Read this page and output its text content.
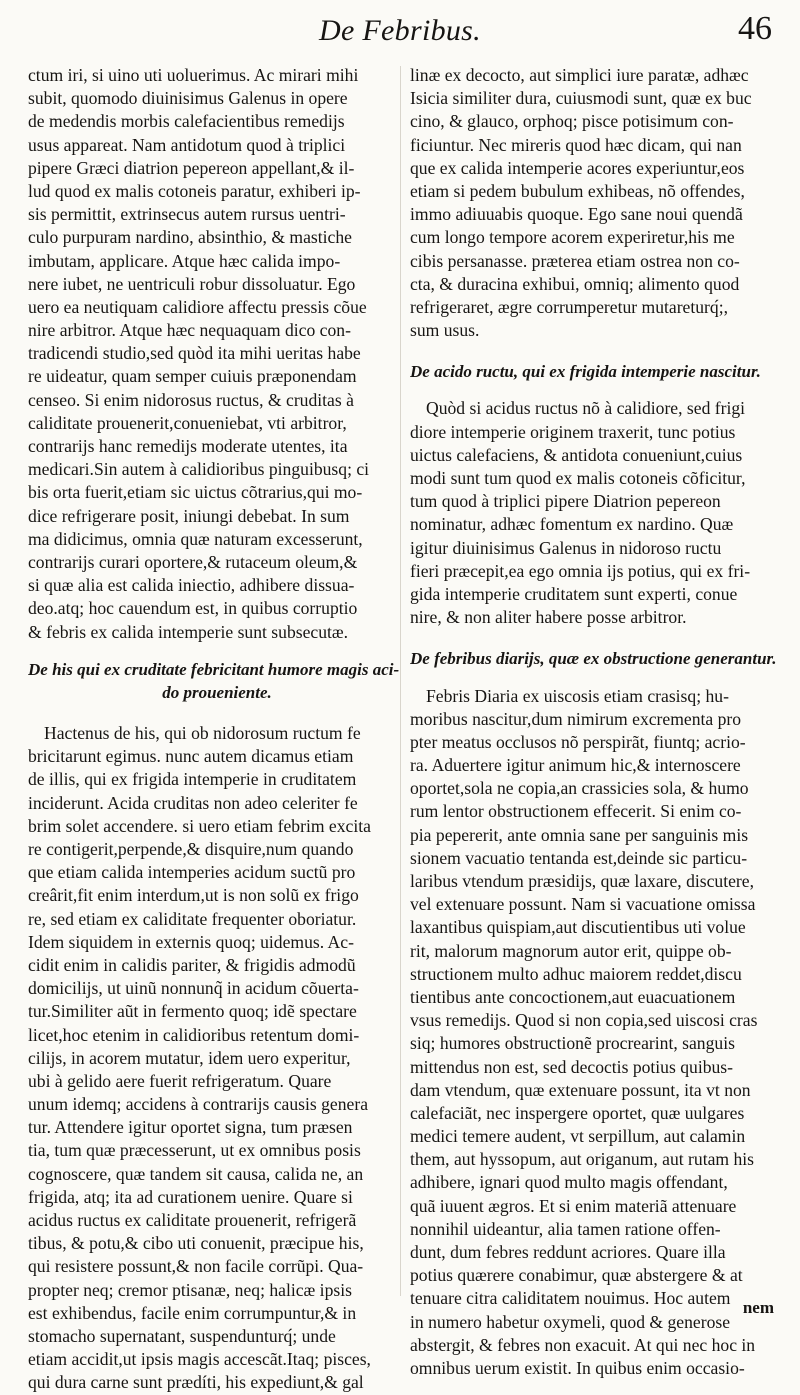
De Febribus.	46
ctum iri, si uino uti uoluerimus. Ac mirari mihi
subit, quomodo diuinisimus Galenus in opere
de medendis morbis calefacientibus remedijs
usus appareat. Nam antidotum quod à triplici
pipere Græci diatrion pepereon appellant,& il-
lud quod ex malis cotoneis paratur, exhiberi ip-
sis permittit, extrinsecus autem rursus uentri-
culo purpuram nardino, absinthio, & mastiche
imbutam, applicare. Atque hæc calida impo-
nere iubet, ne uentriculi robur dissoluatur. Ego
uero ea neutiquam calidiore affectu pressis cõue
nire arbitror. Atque hæc nequaquam dico con-
tradicendi studio,sed quòd ita mihi ueritas habe
re uideatur, quam semper cuiuis præponendam
censeo. Si enim nidorosus ructus, & cruditas à
caliditate prouenerit,conueniebat, vti arbitror,
contrarijs hanc remedijs moderate utentes, ita
medicari.Sin autem à calidioribus pinguibusq; ci
bis orta fuerit,etiam sic uictus cõtrarius,qui mo-
dice refrigerare posit, iniungi debebat. In sum
ma didicimus, omnia quæ naturam excesserunt,
contrarijs curari oportere,& rutaceum oleum,&
si quæ alia est calida iniectio, adhibere dissua-
deo.atq; hoc cauendum est, in quibus corruptio
& febris ex calida intemperie sunt subsecutæ.
De his qui ex cruditate febricitant humore magis aci-
do proueniente.
Hactenus de his, qui ob nidorosum ructum fe
bricitarunt egimus. nunc autem dicamus etiam
de illis, qui ex frigida intemperie in cruditatem
inciderunt. Acida cruditas non adeo celeriter fe
brim solet accendere. si uero etiam febrim excita
re contigerit,perpende,& disquire,num quando
que etiam calida intemperies acidum suctũ pro
creârit,fit enim interdum,ut is non solũ ex frigo
re, sed etiam ex caliditate frequenter oboriatur.
Idem siquidem in externis quoq; uidemus. Ac-
cidit enim in calidis pariter, & frigidis admodũ
domicilijs, ut uinũ nonnunq̃ in acidum cõuerta-
tur.Similiter aũt in fermento quoq; idẽ spectare
licet,hoc etenim in calidioribus retentum domi-
cilijs, in acorem mutatur, idem uero experitur,
ubi à gelido aere fuerit refrigeratum. Quare
unum idemq; accidens à contrarijs causis genera
tur. Attendere igitur oportet signa, tum præsen
tia, tum quæ præcesserunt, ut ex omnibus posis
cognoscere, quæ tandem sit causa, calida ne, an
frigida, atq; ita ad curationem uenire. Quare si
acidus ructus ex caliditate prouenerit, refrigerã
tibus, & potu,& cibo uti conuenit, præcipue his,
qui resistere possunt,& non facile corrũpi. Qua-
propter neq; cremor ptisanæ, neq; halicæ ipsis
est exhibendus, facile enim corrumpuntur,& in
stomacho supernatant, suspendunturq́; unde
etiam accidit,ut ipsis magis accescãt.Itaq; pisces,
qui dura carne sunt prædíti, his expediunt,& gal
linæ ex decocto, aut simplici iure paratæ, adhæc
Isicia similiter dura, cuiusmodi sunt, quæ ex buc
cino, & glauco, orphoq; pisce potisimum con-
ficiuntur. Nec mireris quod hæc dicam, qui nan
que ex calida intemperie acores experiuntur,eos
etiam si pedem bubulum exhibeas, nõ offendes,
immo adiuuabis quoque. Ego sane noui quendã
cum longo tempore acorem experiretur,his me
cibis persanasse. præterea etiam ostrea non co-
cta, & duracina exhibui, omniq; alimento quod
refrigeraret, ægre corrumperetur mutareturq́;,
sum usus.
De acido ructu, qui ex frigida intemperie nascitur.
Quòd si acidus ructus nõ à calidiore, sed frigi
diore intemperie originem traxerit, tunc potius
uictus calefaciens, & antidota conueniunt,cuius
modi sunt tum quod ex malis cotoneis cõficitur,
tum quod à triplici pipere Diatrion pepereon
nominatur, adhæc fomentum ex nardino. Quæ
igitur diuinisimus Galenus in nidoroso ructu
fieri præcepit,ea ego omnia ijs potius, qui ex fri-
gida intemperie cruditatem sunt experti, conue
nire, & non aliter habere posse arbitror.
De febribus diarijs, quæ ex obstructione generantur.
Febris Diaria ex uiscosis etiam crasisq; hu-
moribus nascitur,dum nimirum excrementa pro
pter meatus occlusos nõ perspirãt, fiuntq; acrio-
ra. Aduertere igitur animum hic,& internoscere
oportet,sola ne copia,an crassicies sola, & humo
rum lentor obstructionem effecerit. Si enim co-
pia pepererit, ante omnia sane per sanguinis mis
sionem vacuatio tentanda est,deinde sic particu-
laribus vtendum præsidijs, quæ laxare, discutere,
vel extenuare possunt. Nam si vacuatione omissa
laxantibus quispiam,aut discutientibus uti volue
rit, malorum magnorum autor erit, quippe ob-
structionem multo adhuc maiorem reddet,discu
tientibus ante concoctionem,aut euacuationem
vsus remedijs. Quod si non copia,sed uiscosi cras
siq; humores obstructionẽ procrearint, sanguis
mittendus non est, sed decoctis potius quibus-
dam vtendum, quæ extenuare possunt, ita vt non
calefaciãt, nec inspergere oportet, quæ uulgares
medici temere audent, vt serpillum, aut calamin
them, aut hyssopum, aut origanum, aut rutam his
adhibere, ignari quod multo magis offendant,
quã iuuent ægros. Et si enim materiã attenuare
nonnihil uideantur, alia tamen ratione offen-
dunt, dum febres reddunt acriores. Quare illa
potius quærere conabimur, quæ abstergere & at
tenuare citra caliditatem nouimus. Hoc autem
in numero habetur oxymeli, quod & generose
abstergit, & febres non exacuit. At qui nec hoc in
omnibus uerum existit. In quibus enim occasio-
nem
